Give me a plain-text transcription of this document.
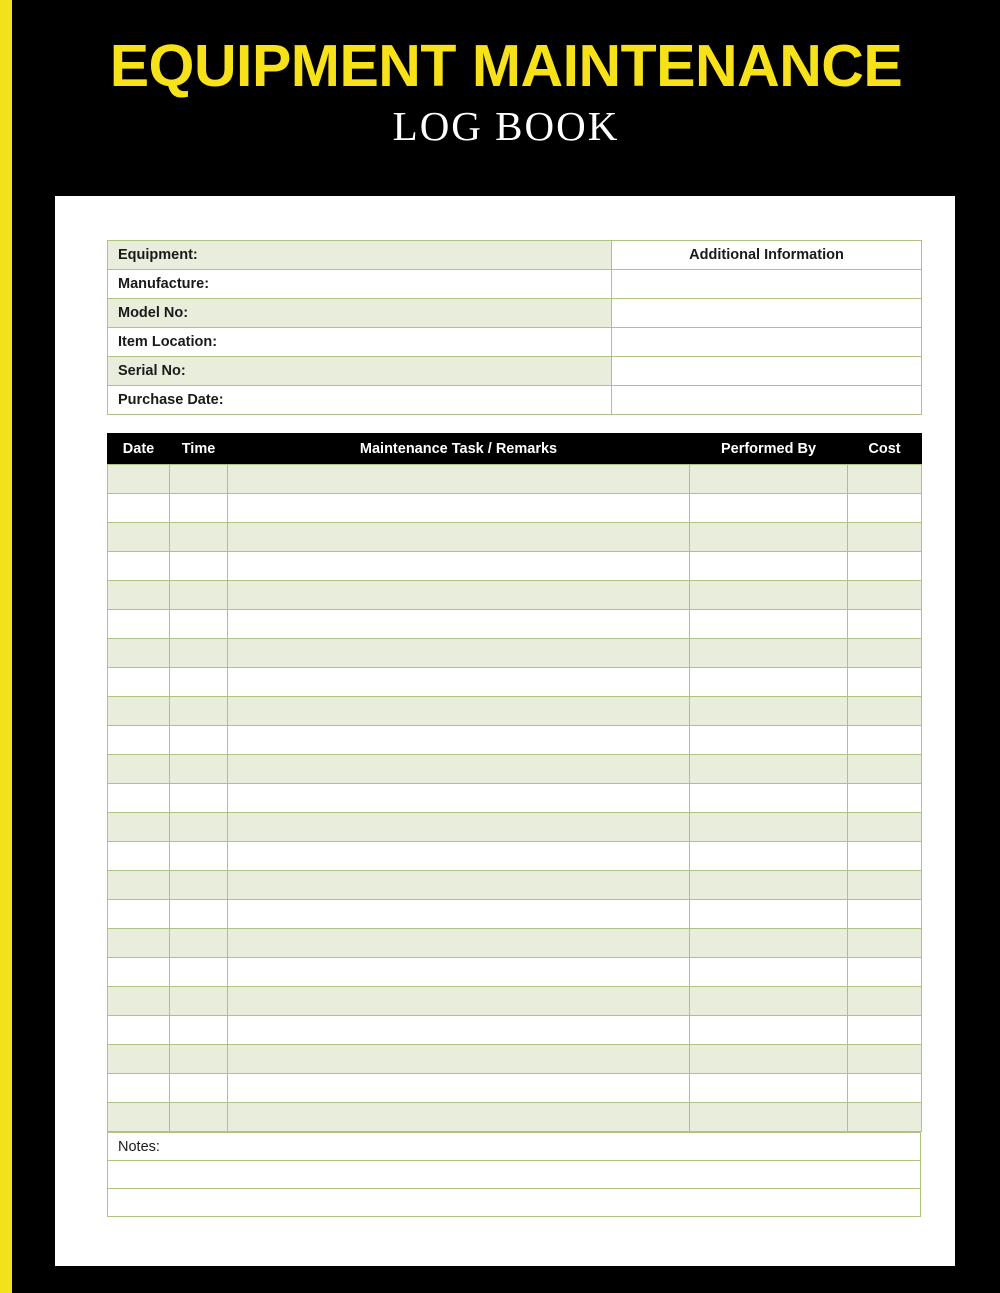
EQUIPMENT MAINTENANCE
LOG BOOK
Equipment:	Additional Information
Manufacture:	
Model No:	
Item Location:	
Serial No:	
Purchase Date:	
Date	Time	Maintenance Task / Remarks	Performed By	Cost

Notes:
